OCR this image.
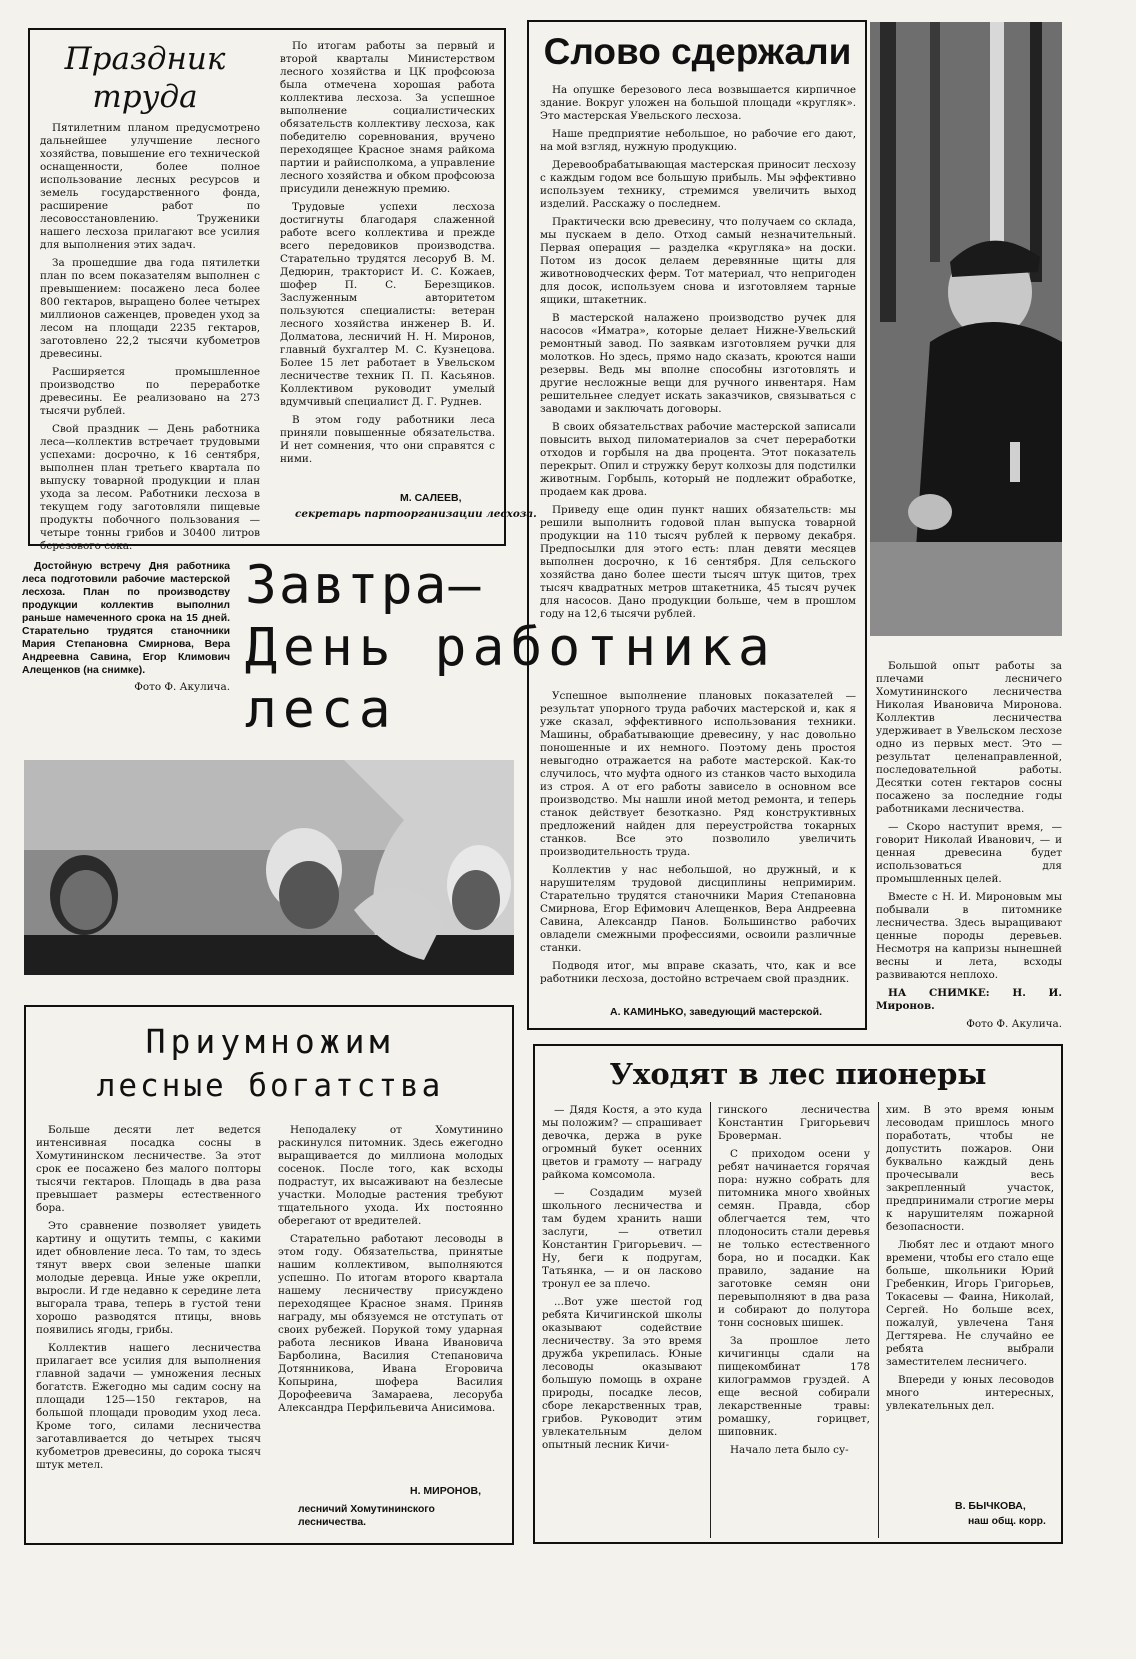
Праздник
труда

Пятилетним планом предусмотрено дальнейшее улучшение лесного хозяйства, повышение его технической оснащенности, более полное использование лесных ресурсов и земель государственного фонда, расширение работ по лесовосстановлению. Труженики нашего лесхоза прилагают все усилия для выполнения этих задач.

За прошедшие два года пятилетки план по всем показателям выполнен с превышением: посажено леса более 800 гектаров, выращено более четырех миллионов саженцев, проведен уход за лесом на площади 2235 гектаров, заготовлено 22,2 тысячи кубометров древесины.

Расширяется промышленное производство по переработке древесины. Ее реализовано на 273 тысячи рублей.

Свой праздник — День работника леса—коллектив встречает трудовыми успехами: досрочно, к 16 сентября, выполнен план третьего квартала по выпуску товарной продукции и план ухода за лесом. Работники лесхоза в текущем году заготовляли пищевые продукты побочного пользования — четыре тонны грибов и 30400 литров березового сока.

По итогам работы за первый и второй кварталы Министерством лесного хозяйства и ЦК профсоюза была отмечена хорошая работа коллектива лесхоза. За успешное выполнение социалистических обязательств коллективу лесхоза, как победителю соревнования, вручено переходящее Красное знамя райкома партии и райисполкома, а управление лесного хозяйства и обком профсоюза присудили денежную премию.

Трудовые успехи лесхоза достигнуты благодаря слаженной работе всего коллектива и прежде всего передовиков производства. Старательно трудятся лесоруб В. М. Дедюрин, тракторист И. С. Кожаев, шофер П. С. Березщиков. Заслуженным авторитетом пользуются специалисты: ветеран лесного хозяйства инженер В. И. Долматова, лесничий Н. Н. Миронов, главный бухгалтер М. С. Кузнецова. Более 15 лет работает в Увельском лесничестве техник П. П. Касьянов. Коллективом руководит умелый вдумчивый специалист Д. Г. Руднев.

В этом году работники леса приняли повышенные обязательства. И нет сомнения, что они справятся с ними.

М. САЛЕЕВ,
секретарь партоорганизации лесхоза.
Слово сдержали

На опушке березового леса возвышается кирпичное здание. Вокруг уложен на большой площади «кругляк». Это мастерская Увельского лесхоза.

Наше предприятие небольшое, но рабочие его дают, на мой взгляд, нужную продукцию.

Деревообрабатывающая мастерская приносит лесхозу с каждым годом все большую прибыль. Мы эффективно используем технику, стремимся увеличить выход изделий. Расскажу о последнем.

Практически всю древесину, что получаем со склада, мы пускаем в дело. Отход самый незначительный. Первая операция — разделка «кругляка» на доски. Потом из досок делаем деревянные щиты для животноводческих ферм. Тот материал, что непригоден для досок, используем снова и изготовляем тарные ящики, штакетник.

В мастерской налажено производство ручек для насосов «Иматра», которые делает Нижне-Увельский ремонтный завод. По заявкам изготовляем ручки для молотков. Но здесь, прямо надо сказать, кроются наши резервы. Ведь мы вполне способны изготовлять и другие несложные вещи для ручного инвентаря. Нам решительнее следует искать заказчиков, связываться с заводами и заключать договоры.

В своих обязательствах рабочие мастерской записали повысить выход пиломатериалов за счет переработки отходов и горбыля на два процента. Этот показатель перекрыт. Опил и стружку берут колхозы для подстилки животным. Горбыль, который не подлежит обработке, продаем как дрова.

Приведу еще один пункт наших обязательств: мы решили выполнить годовой план выпуска товарной продукции на 110 тысяч рублей к первому декабря. Предпосылки для этого есть: план девяти месяцев выполнен досрочно, к 16 сентября. Для сельского хозяйства дано более шести тысяч штук щитов, трех тысяч квадратных метров штакетника, 45 тысяч ручек для насосов. Дано продукции больше, чем в прошлом году на 12,6 тысячи рублей.

Успешное выполнение плановых показателей — результат упорного труда рабочих мастерской и, как я уже сказал, эффективного использования техники. Машины, обрабатывающие древесину, у нас довольно поношенные и их немного. Поэтому день простоя невыгодно отражается на работе мастерской. Как-то случилось, что муфта одного из станков часто выходила из строя. А от его работы зависело в основном все производство. Мы нашли иной метод ремонта, и теперь станок действует безотказно. Ряд конструктивных предложений найден для переустройства токарных станков. Все это позволило увеличить производительность труда.

Коллектив у нас небольшой, но дружный, и к нарушителям трудовой дисциплины непримирим. Старательно трудятся станочники Мария Степановна Смирнова, Егор Ефимович Алещенков, Вера Андреевна Савина, Александр Панов. Большинство рабочих овладели смежными профессиями, освоили различные станки.

Подводя итог, мы вправе сказать, что, как и все работники лесхоза, достойно встречаем свой праздник.

А. КАМИНЬКО, заведующий мастерской.
Завтра—
День работника
леса
Достойную встречу Дня работника леса подготовили рабочие мастерской лесхоза. План по производству продукции коллектив выполнил раньше намеченного срока на 15 дней. Старательно трудятся станочники Мария Степановна Смирнова, Вера Андреевна Савина, Егор Климович Алещенков (на снимке).
Фото Ф. Акулича.

Большой опыт работы за плечами лесничего Хомутининского лесничества Николая Ивановича Миронова. Коллектив лесничества удерживает в Увельском лесхозе одно из первых мест. Это — результат целенаправленной, последовательной работы. Десятки сотен гектаров сосны посажено за последние годы работниками лесничества.

— Скоро наступит время, — говорит Николай Иванович, — и ценная древесина будет использоваться для промышленных целей.

Вместе с Н. И. Мироновым мы побывали в питомнике лесничества. Здесь выращивают ценные породы деревьев. Несмотря на капризы нынешней весны и лета, всходы развиваются неплохо.

НА СНИМКЕ: Н. И. Миронов.

Фото Ф. Акулича.
Приумножим
лесные богатства

Больше десяти лет ведется интенсивная посадка сосны в Хомутининском лесничестве. За этот срок ее посажено без малого полторы тысячи гектаров. Площадь в два раза превышает размеры естественного бора.

Это сравнение позволяет увидеть картину и ощутить темпы, с какими идет обновление леса. То там, то здесь тянут вверх свои зеленые шапки молодые деревца. Иные уже окрепли, выросли. И где недавно к середине лета выгорала трава, теперь в густой тени хорошо разводятся птицы, вновь появились ягоды, грибы.

Коллектив нашего лесничества прилагает все усилия для выполнения главной задачи — умножения лесных богатств. Ежегодно мы садим сосну на площади 125—150 гектаров, на большой площади проводим уход леса. Кроме того, силами лесничества заготавливается до четырех тысяч кубометров древесины, до сорока тысяч штук метел.

Неподалеку от Хомутинино раскинулся питомник. Здесь ежегодно выращивается до миллиона молодых сосенок. После того, как всходы подрастут, их высаживают на безлесые участки. Молодые растения требуют тщательного ухода. Их постоянно оберегают от вредителей.

Старательно работают лесоводы в этом году. Обязательства, принятые нашим коллективом, выполняются успешно. По итогам второго квартала нашему лесничеству присуждено переходящее Красное знамя. Приняв награду, мы обязуемся не отступать от своих рубежей. Порукой тому ударная работа лесников Ивана Ивановича Барболина, Василия Степановича Дотянникова, Ивана Егоровича Копырина, шофера Василия Дорофеевича Замараева, лесоруба Александра Перфильевича Анисимова.

Н. МИРОНОВ,
лесничий Хомутининского лесничества.
Уходят в лес пионеры

— Дядя Костя, а это куда мы положим? — спрашивает девочка, держа в руке огромный букет осенних цветов и грамоту — награду райкома комсомола.

— Создадим музей школьного лесничества и там будем хранить наши заслуги, — ответил Константин Григорьевич. — Ну, беги к подругам, Татьянка, — и он ласково тронул ее за плечо.

...Вот уже шестой год ребята Кичигинской школы оказывают содействие лесничеству. За это время дружба укрепилась. Юные лесоводы оказывают большую помощь в охране природы, посадке лесов, сборе лекарственных трав, грибов. Руководит этим увлекательным делом опытный лесник Кичи-

гинского лесничества Константин Григорьевич Броверман.

С приходом осени у ребят начинается горячая пора: нужно собрать для питомника много хвойных семян. Правда, сбор облегчается тем, что плодоносить стали деревья не только естественного бора, но и посадки. Как правило, задание на заготовке семян они перевыполняют в два раза и собирают до полутора тонн сосновых шишек.

За прошлое лето кичигинцы сдали на пищекомбинат 178 килограммов груздей. А еще весной собирали лекарственные травы: ромашку, горицвет, шиповник.

Начало лета было су-

хим. В это время юным лесоводам пришлось много поработать, чтобы не допустить пожаров. Они буквально каждый день прочесывали весь закрепленный участок, предпринимали строгие меры к нарушителям пожарной безопасности.

Любят лес и отдают много времени, чтобы его стало еще больше, школьники Юрий Гребенкин, Игорь Григорьев, Токасевы — Фаина, Николай, Сергей. Но больше всех, пожалуй, увлечена Таня Дегтярева. Не случайно ее ребята выбрали заместителем лесничего.

Впереди у юных лесоводов много интересных, увлекательных дел.

В. БЫЧКОВА,
наш общ. корр.
